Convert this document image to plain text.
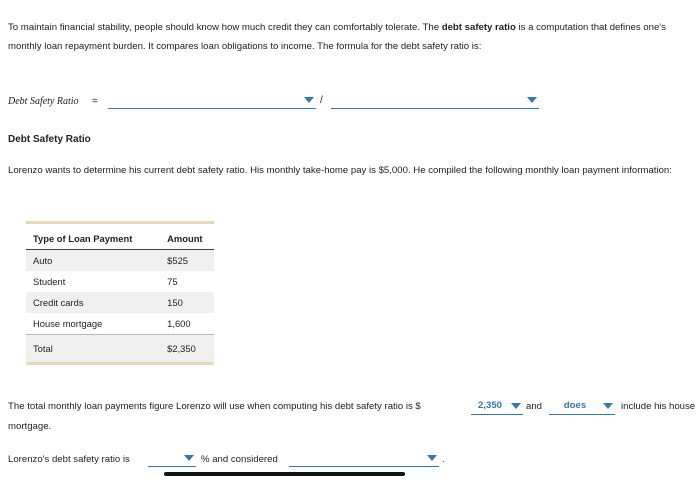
To maintain financial stability, people should know how much credit they can comfortably tolerate. The debt safety ratio is a computation that defines one's monthly loan repayment burden. It compares loan obligations to income. The formula for the debt safety ratio is:
Debt Safety Ratio =	/
Debt Safety Ratio
Lorenzo wants to determine his current debt safety ratio. His monthly take-home pay is $5,000. He compiled the following monthly loan payment information:
Type of Loan Payment	Amount
Auto	$525
Student	75
Credit cards	150
House mortgage	1,600
Total	$2,350
The total monthly loan payments figure Lorenzo will use when computing his debt safety ratio is $	2,350	and	does	include his house
mortgage.
Lorenzo's debt safety ratio is	% and considered	.
